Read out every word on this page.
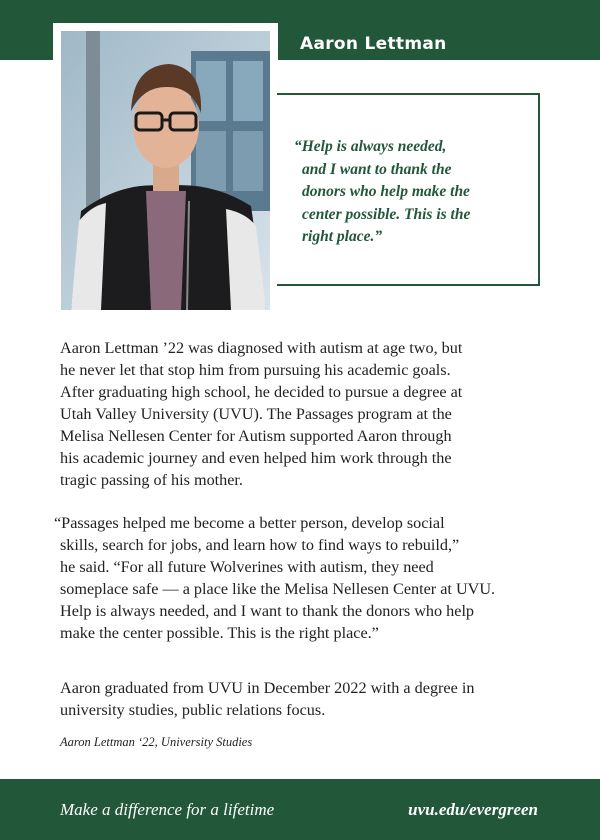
Aaron Lettman
“Help is always needed,
and I want to thank the
donors who help make the
center possible. This is the
right place.”
Aaron Lettman ’22 was diagnosed with autism at age two, but
he never let that stop him from pursuing his academic goals.
After graduating high school, he decided to pursue a degree at
Utah Valley University (UVU). The Passages program at the
Melisa Nellesen Center for Autism supported Aaron through
his academic journey and even helped him work through the
tragic passing of his mother.
“Passages helped me become a better person, develop social
skills, search for jobs, and learn how to find ways to rebuild,”
he said. “For all future Wolverines with autism, they need
someplace safe — a place like the Melisa Nellesen Center at UVU.
Help is always needed, and I want to thank the donors who help
make the center possible. This is the right place.”
Aaron graduated from UVU in December 2022 with a degree in
university studies, public relations focus.
Aaron Lettman ‘22, University Studies
Make a difference for a lifetime	uvu.edu/evergreen
